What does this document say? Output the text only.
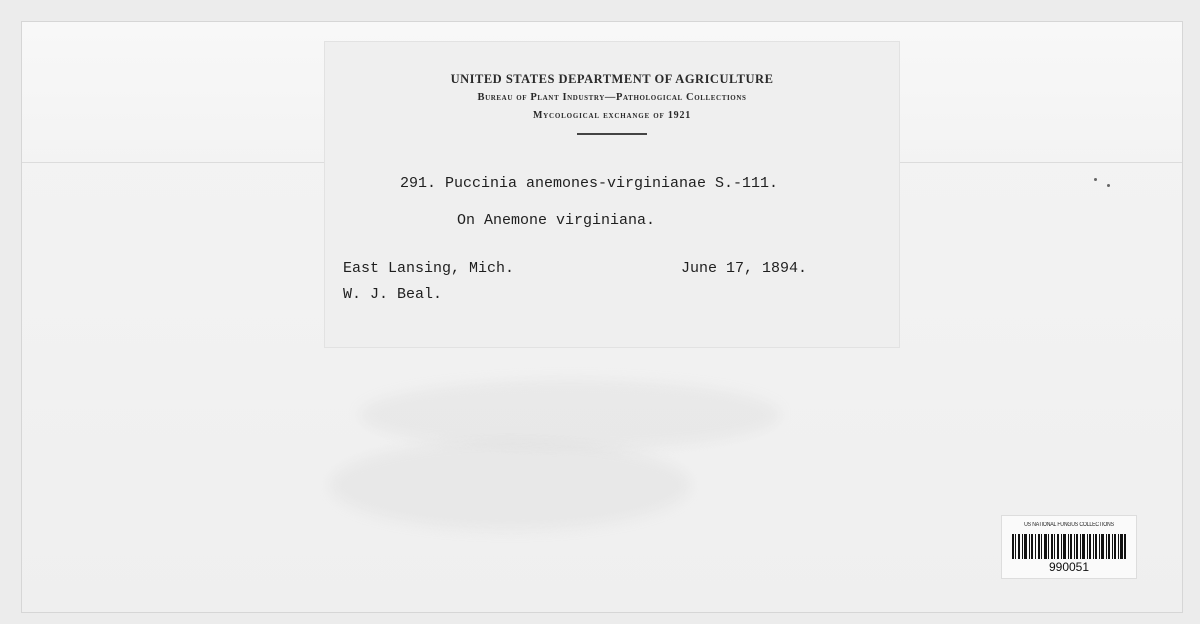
UNITED STATES DEPARTMENT OF AGRICULTURE
Bureau of Plant Industry—Pathological Collections
Mycological exchange of 1921
291. Puccinia anemones-virginianae S.-111.
On Anemone virginiana.
East Lansing, Mich.	June 17, 1894.
W. J. Beal.
US NATIONAL FUNGUS COLLECTIONS
990051
